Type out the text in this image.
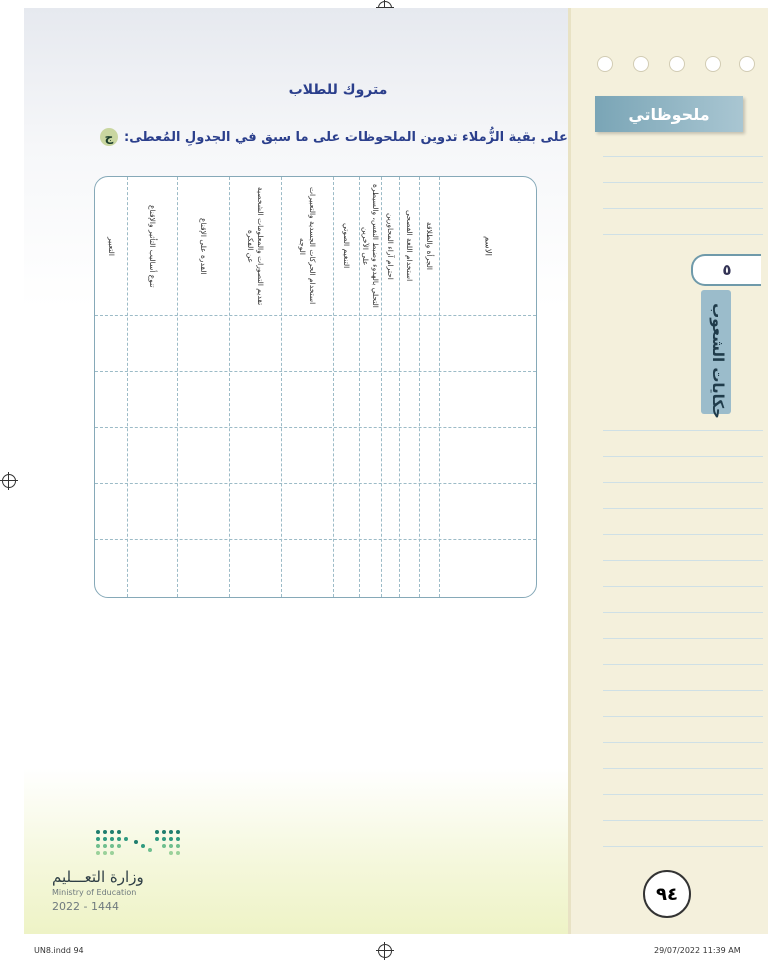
متروك للطلاب
ج على بقية الزُّملاء تدوين الملحوظات على ما سبق في الجدولِ المُعطى:
الاسم
الجرأة والطلاقة
استخدام اللغة الفصحى
احترام آراء المحاورين
التحلي بالهدوء وضبط النفس، والسيطرة على الآخرين
التنغيم الصوتي
استخدام الحركات الجسدية والتعبيرات الوجه
تقديم التصورات والمعلومات الشخصية عن الفكرة
القدرة على الإقناع
تنوع أساليب التأثير والإقناع
التعبير
وزارة التعـــليم
Ministry of Education
2022 - 1444
ملحوظاتي
٥
حكايات الشعوب
٩٤
UN8.indd 94	29/07/2022 11:39 AM
